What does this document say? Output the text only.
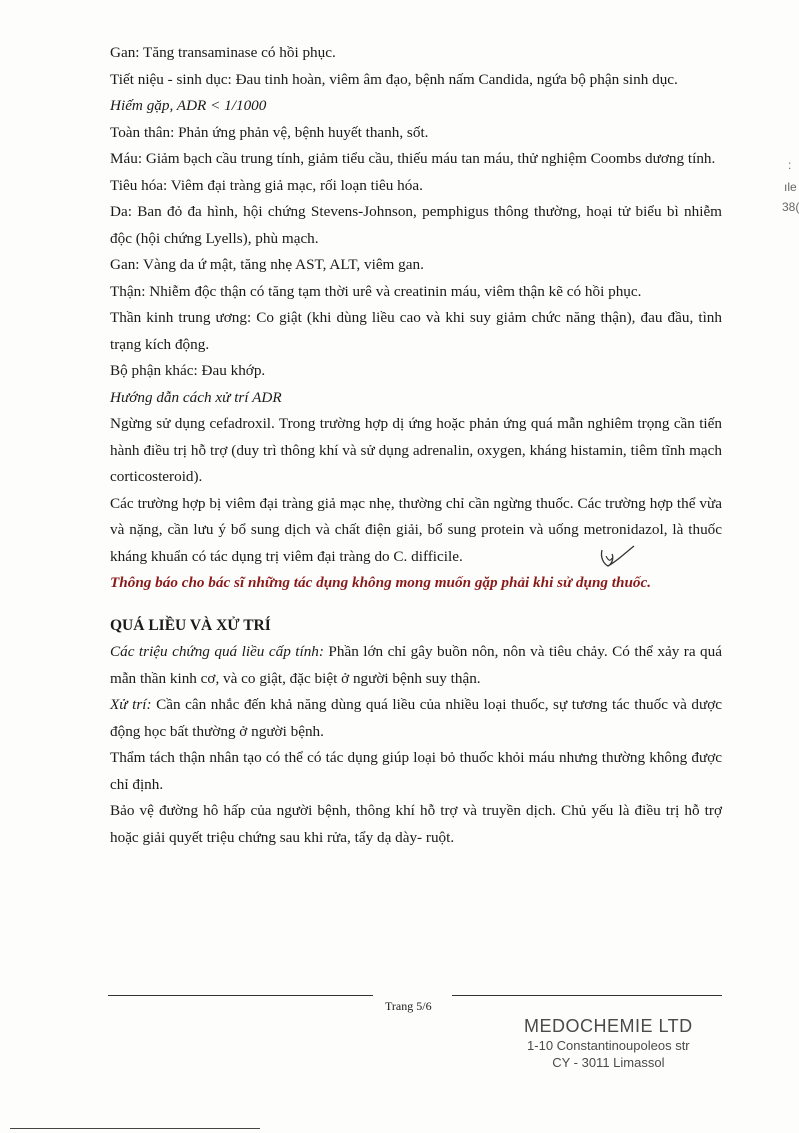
Gan: Tăng transaminase có hồi phục.

Tiết niệu - sinh dục: Đau tinh hoàn, viêm âm đạo, bệnh nấm Candida, ngứa bộ phận sinh dục.

Hiếm gặp, ADR < 1/1000

Toàn thân: Phản ứng phản vệ, bệnh huyết thanh, sốt.

Máu: Giảm bạch cầu trung tính, giảm tiểu cầu, thiếu máu tan máu, thử nghiệm Coombs dương tính.

Tiêu hóa: Viêm đại tràng giả mạc, rối loạn tiêu hóa.

Da: Ban đỏ đa hình, hội chứng Stevens-Johnson, pemphigus thông thường, hoại tử biểu bì nhiễm độc (hội chứng Lyells), phù mạch.

Gan: Vàng da ứ mật, tăng nhẹ AST, ALT, viêm gan.

Thận: Nhiễm độc thận có tăng tạm thời urê và creatinin máu, viêm thận kẽ có hồi phục.

Thần kinh trung ương: Co giật (khi dùng liều cao và khi suy giảm chức năng thận), đau đầu, tình trạng kích động.

Bộ phận khác: Đau khớp.

Hướng dẫn cách xử trí ADR

Ngừng sử dụng cefadroxil. Trong trường hợp dị ứng hoặc phản ứng quá mẫn nghiêm trọng cần tiến hành điều trị hỗ trợ (duy trì thông khí và sử dụng adrenalin, oxygen, kháng histamin, tiêm tĩnh mạch corticosteroid).

Các trường hợp bị viêm đại tràng giả mạc nhẹ, thường chỉ cần ngừng thuốc. Các trường hợp thể vừa và nặng, cần lưu ý bổ sung dịch và chất điện giải, bổ sung protein và uống metronidazol, là thuốc kháng khuẩn có tác dụng trị viêm đại tràng do C. difficile.

Thông báo cho bác sĩ những tác dụng không mong muốn gặp phải khi sử dụng thuốc.

QUÁ LIỀU VÀ XỬ TRÍ

Các triệu chứng quá liều cấp tính: Phần lớn chỉ gây buồn nôn, nôn và tiêu chảy. Có thể xảy ra quá mẫn thần kinh cơ, và co giật, đặc biệt ở người bệnh suy thận.

Xử trí: Cần cân nhắc đến khả năng dùng quá liều của nhiều loại thuốc, sự tương tác thuốc và dược động học bất thường ở người bệnh.

Thẩm tách thận nhân tạo có thể có tác dụng giúp loại bỏ thuốc khỏi máu nhưng thường không được chỉ định.

Bảo vệ đường hô hấp của người bệnh, thông khí hỗ trợ và truyền dịch. Chủ yếu là điều trị hỗ trợ hoặc giải quyết triệu chứng sau khi rửa, tẩy dạ dày- ruột.

Trang 5/6
MEDOCHEMIE LTD
1-10 Constantinoupoleos str
CY - 3011 Limassol
:
ıle
38(
